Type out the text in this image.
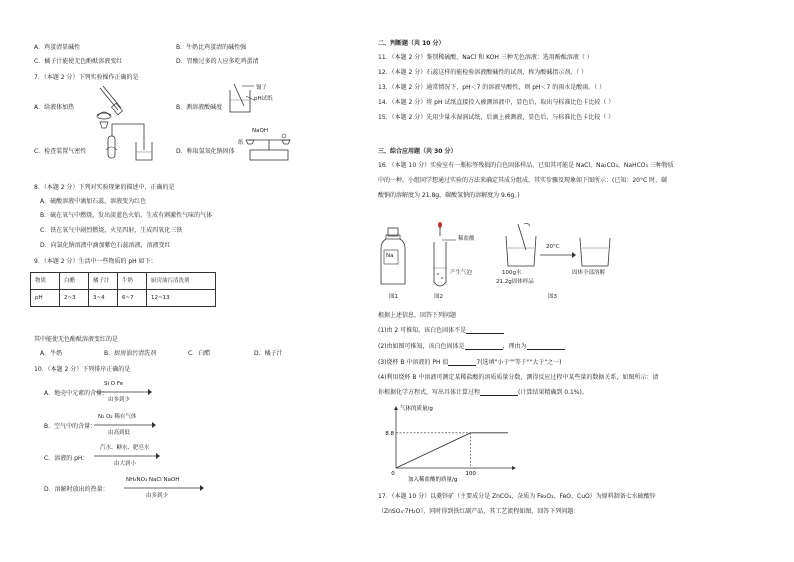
A．鸡蛋清显碱性	B．牛奶比鸡蛋清的碱性强
C．橘子汁能使无色酚酞溶液变红	D．胃酸过多的人应多吃鸡蛋清
7．（本题 2 分）下列实验操作正确的是
A．给液体加热
镊子
pH试纸
B．测溶液酸碱度
C．检查装置气密性
NaOH
纸
D．称取氢氧化钠固体
8．（本题 2 分）下列对实验现象的描述中，正确的是
A．硫酸溶液中滴加石蕊，溶液变为红色
B．硫在氧气中燃烧，发出淡蓝色火焰，生成有刺激性气味的气体
C．铁在氧气中剧烈燃烧，火星四射，生成四氧化三铁
D．向氯化钠溶液中滴加紫色石蕊溶液，溶液变红
9．（本题 2 分）生活中一些物质的 pH 如下：
物质	白醋	橘子汁	牛奶	厨房油污清洗剂
pH	2~3	3~4	6~7	12~13
其中能使无色酚酞溶液变红的是
A．牛奶	B．厨房油污清洗剂	C．白醋	D．橘子汁
10．（本题 2 分）下列排序正确的是
A．地壳中元素的含量：
Si O Fe
由多到少
B．空气中的含量：
N₂ O₂ 稀有气体
由高到低
C．溶液的 pH：
汽水、糖水、肥皂水
由大到小
D．溶解时放出的热量：
NH₄NO₃ NaCl NaOH
由多到少
二、判断题（共 10 分）
11．（本题 2 分）鉴别稀硫酸、NaCl 和 KOH 三种无色溶液：选用酚酞溶液（ ）
12．（本题 2 分）石蕊这样的能检验溶液酸碱性的试剂，称为酸碱指示剂。（ ）
13．（本题 2 分）通常情况下，pH＜7 的溶液呈酸性，则 pH＜7 的雨水是酸雨。（ ）
14．（本题 2 分）将 pH 试纸直接投入被测溶液中，显色后，取出与标准比色卡比较（ ）
15．（本题 2 分）先用少量水湿润试纸，后滴上被测液，显色后，与标准比色卡比较（ ）
三、综合应用题（共 30 分）
16．（本题 10 分）实验室有一瓶标签残损的白色固体样品，已知其可能是 NaCl、Na₂CO₃、NaHCO₃ 三种物质
中的一种，小组同学想通过实验的方法来确定其成分组成，其实步骤及现象如下图所示：(已知：20°C 时，碳
酸钠的溶解度为 21.8g，碳酸氢钠的溶解度为 9.6g。)
Na
图1
稀盐酸
产生气泡
图2
100g水
21.2g固体样品
20°C
固体全部溶解
图3
根据上述信息，回答下列问题
(1)由 2 可推知，该白色固体不是
(2)由如图可推知，该白色固体是	，理由为
(3)烧杯 B 中溶液的 PH 值	7(选填"小于""等于""大于"之一)
(4)利用烧杯 B 中溶液可测定某稀盐酸的溶质质量分数，测得反应过程中某些量的数据关系，如图所示：请
你根据化学方程式，写出具体计算过程	(计算结果精确到 0.1%)。
8.8
0	100
气体的质量/g
加入稀盐酸的质量/g
17．（本题 10 分）以菱锌矿（主要成分是 ZnCO₃，杂质为 Fe₂O₃、FeO、CuO）为原料制备七水硫酸锌
（ZnSO₄·7H₂O），同时得到铁红副产品，其工艺流程如图，回答下列问题：
